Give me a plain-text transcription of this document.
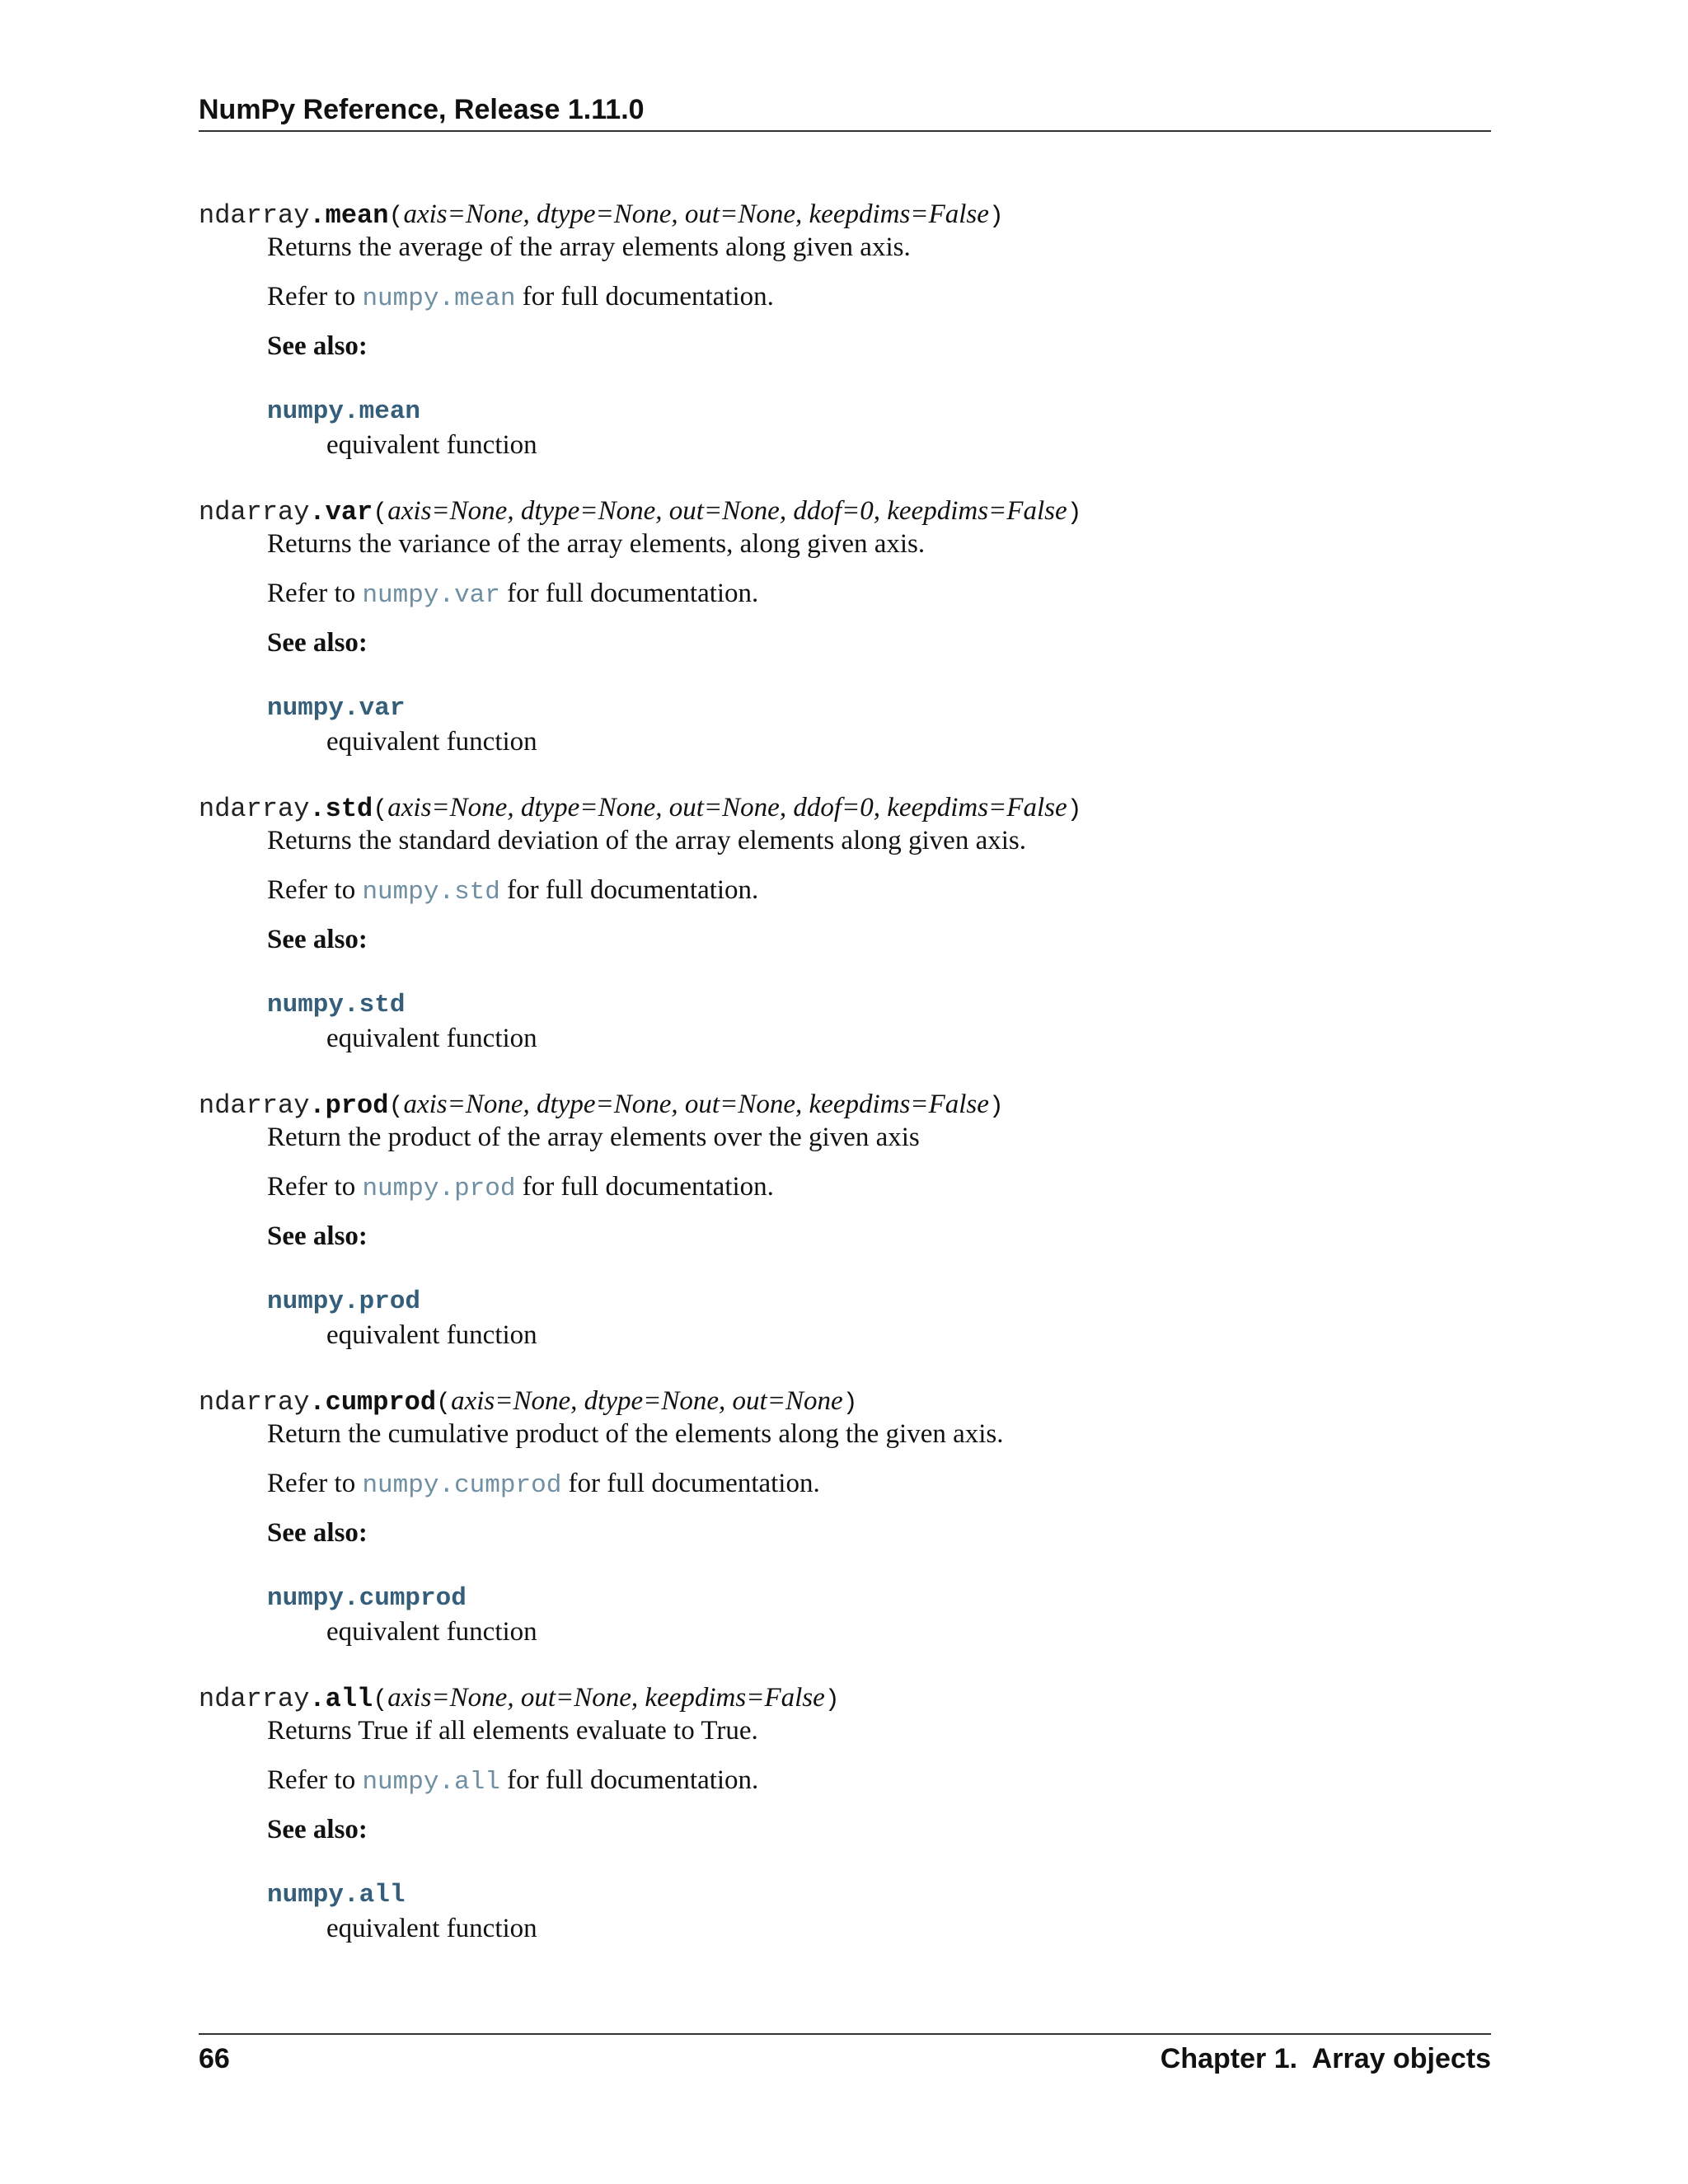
NumPy Reference, Release 1.11.0
ndarray.mean(axis=None, dtype=None, out=None, keepdims=False)
Returns the average of the array elements along given axis.
Refer to numpy.mean for full documentation.
See also:
numpy.mean
equivalent function
ndarray.var(axis=None, dtype=None, out=None, ddof=0, keepdims=False)
Returns the variance of the array elements, along given axis.
Refer to numpy.var for full documentation.
See also:
numpy.var
equivalent function
ndarray.std(axis=None, dtype=None, out=None, ddof=0, keepdims=False)
Returns the standard deviation of the array elements along given axis.
Refer to numpy.std for full documentation.
See also:
numpy.std
equivalent function
ndarray.prod(axis=None, dtype=None, out=None, keepdims=False)
Return the product of the array elements over the given axis
Refer to numpy.prod for full documentation.
See also:
numpy.prod
equivalent function
ndarray.cumprod(axis=None, dtype=None, out=None)
Return the cumulative product of the elements along the given axis.
Refer to numpy.cumprod for full documentation.
See also:
numpy.cumprod
equivalent function
ndarray.all(axis=None, out=None, keepdims=False)
Returns True if all elements evaluate to True.
Refer to numpy.all for full documentation.
See also:
numpy.all
equivalent function
66	Chapter 1.  Array objects
